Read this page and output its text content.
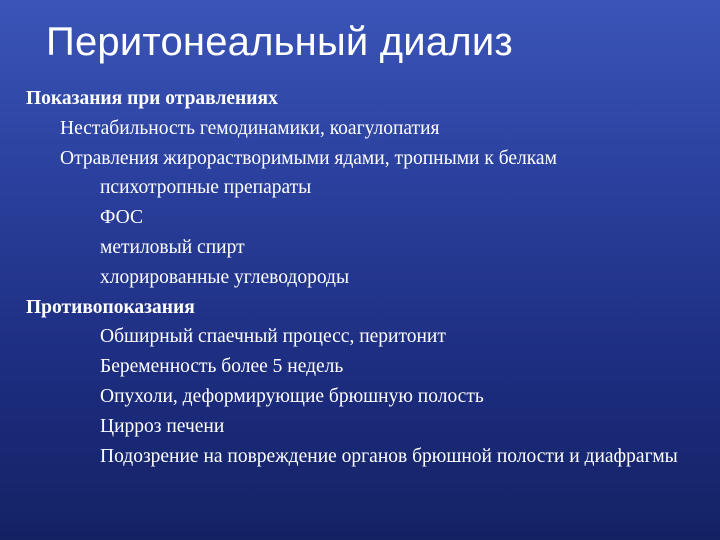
Перитонеальный диализ
Показания при отравлениях
Нестабильность гемодинамики, коагулопатия
Отравления жирорастворимыми ядами, тропными к белкам
психотропные препараты
ФОС
метиловый спирт
хлорированные углеводороды
Противопоказания
Обширный спаечный процесс, перитонит
Беременность более 5 недель
Опухоли, деформирующие брюшную полость
Цирроз печени
Подозрение на повреждение органов брюшной полости и диафрагмы
